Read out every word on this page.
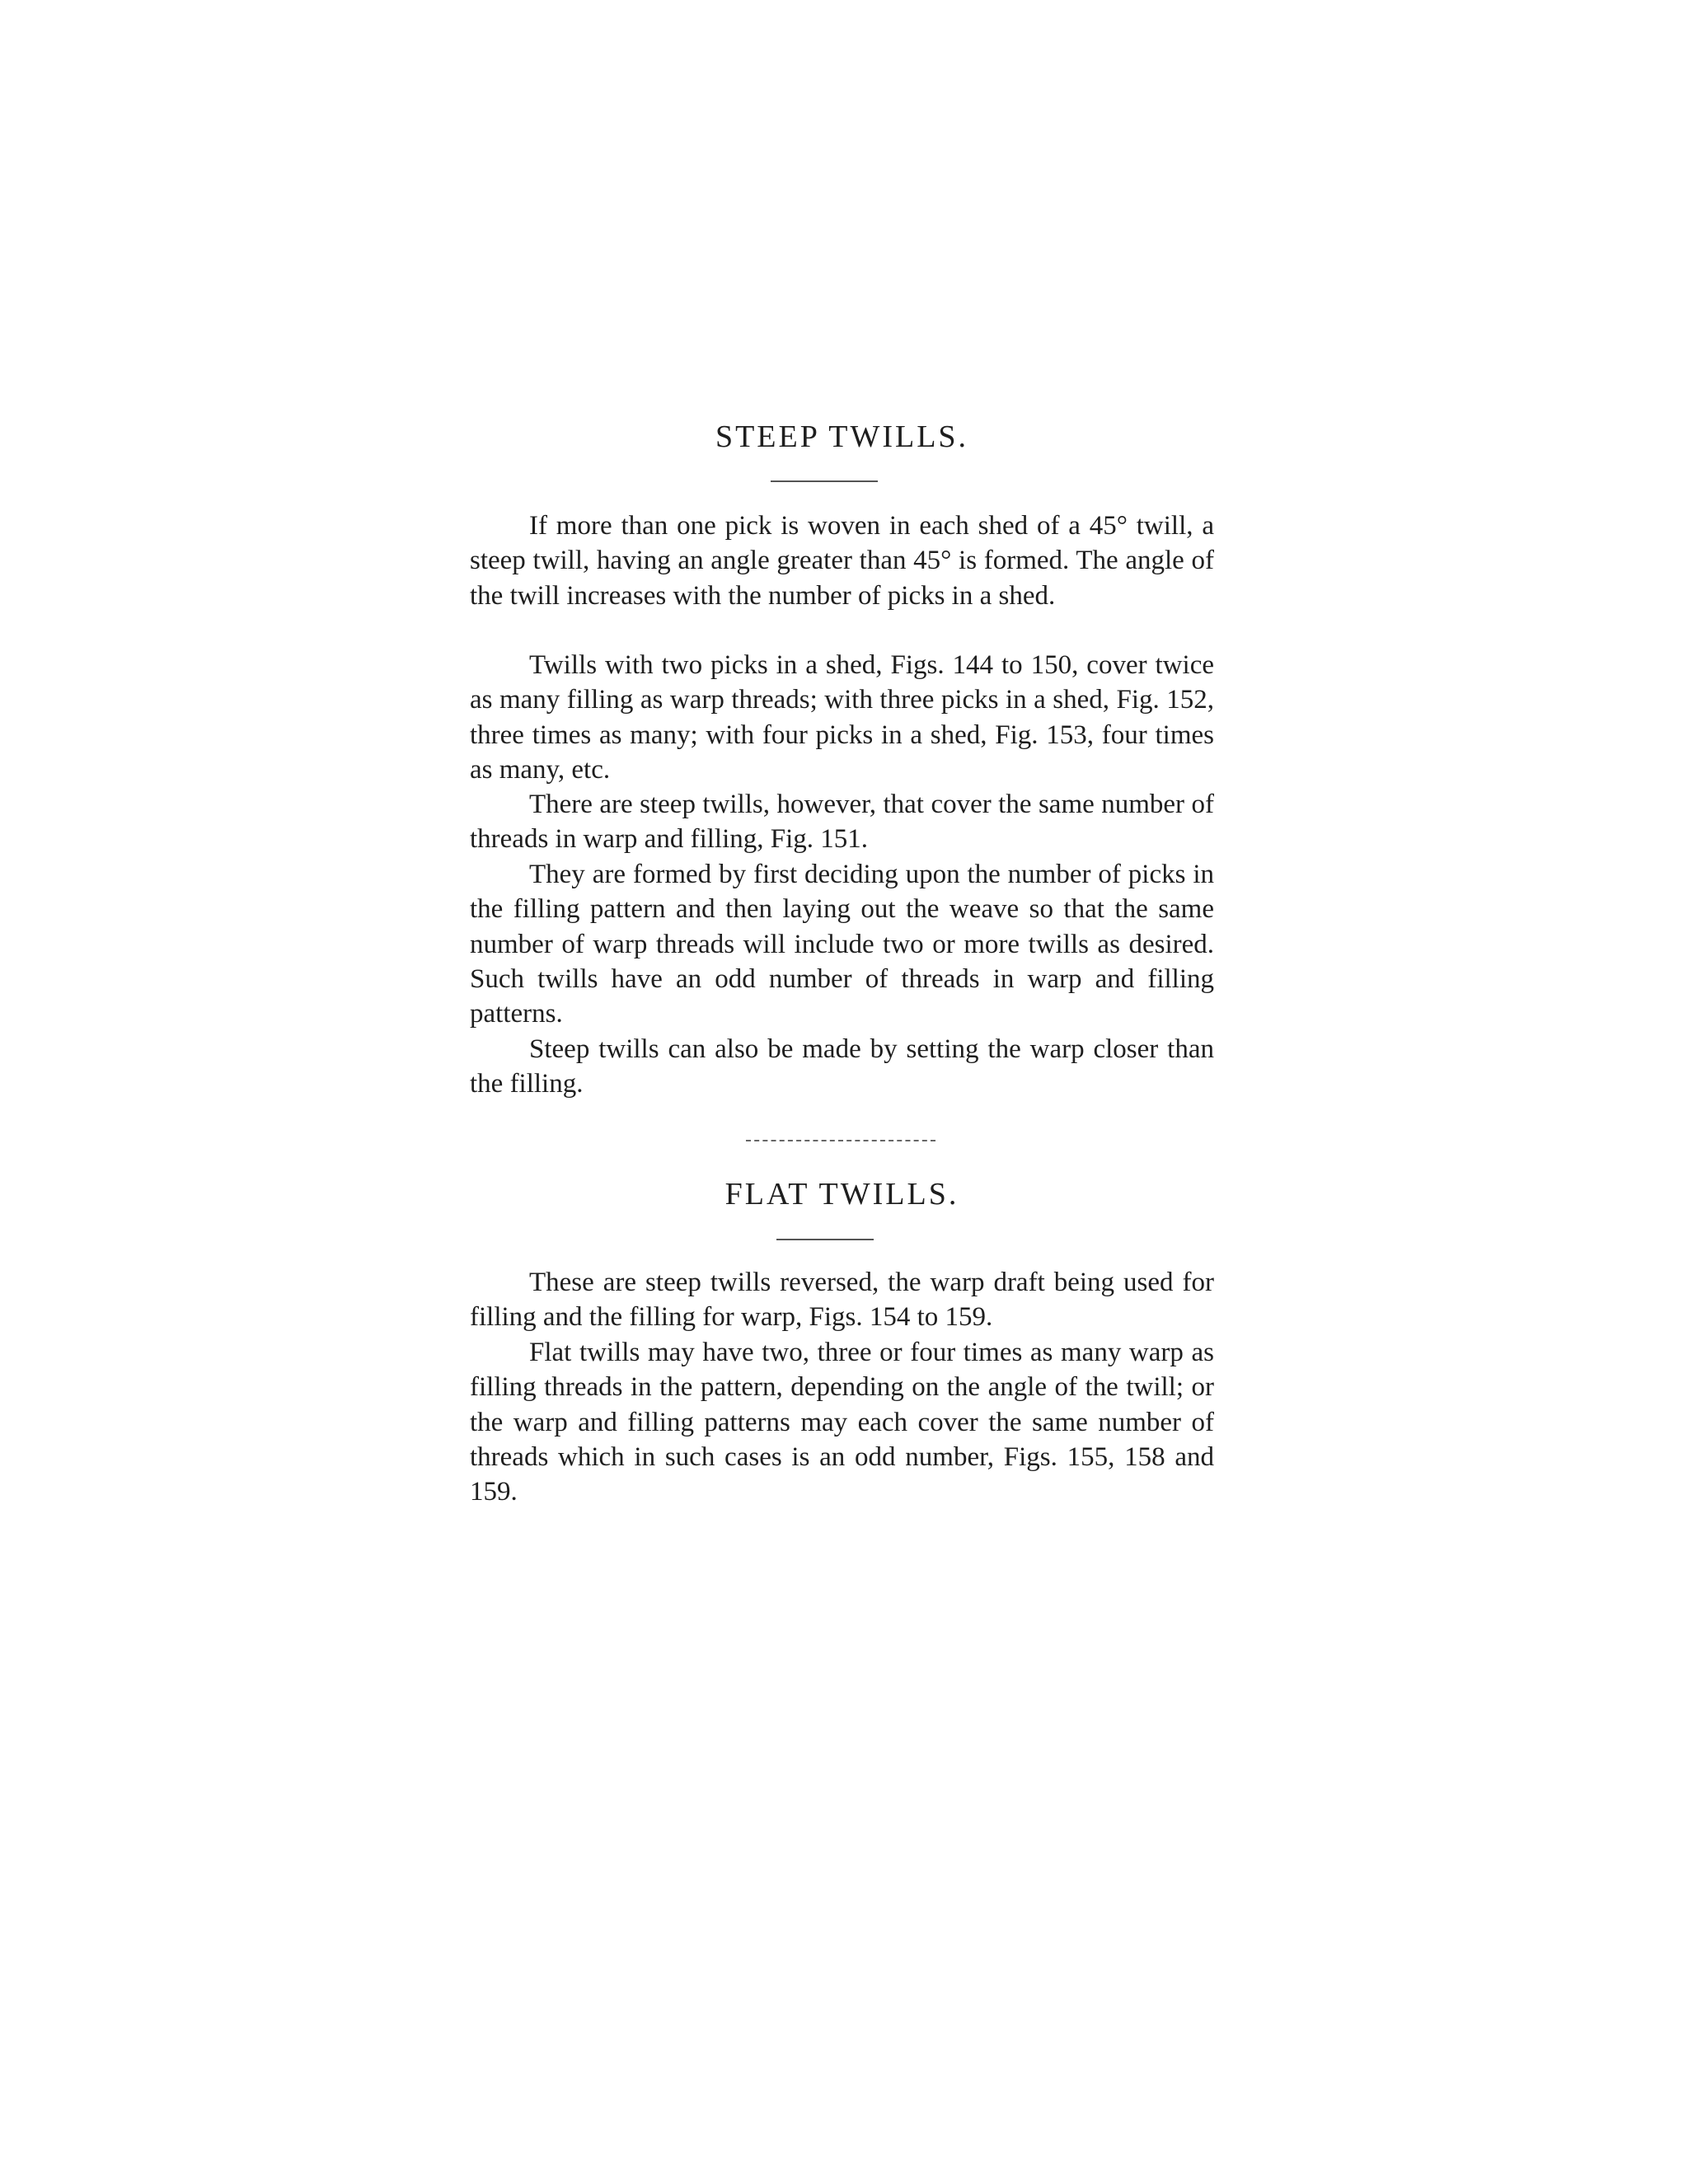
STEEP TWILLS.

If more than one pick is woven in each shed of a 45° twill, a steep twill, having an angle greater than 45° is formed. The angle of the twill increases with the number of picks in a shed.

Twills with two picks in a shed, Figs. 144 to 150, cover twice as many filling as warp threads; with three picks in a shed, Fig. 152, three times as many; with four picks in a shed, Fig. 153, four times as many, etc.

There are steep twills, however, that cover the same number of threads in warp and filling, Fig. 151.

They are formed by first deciding upon the number of picks in the filling pattern and then laying out the weave so that the same number of warp threads will include two or more twills as desired. Such twills have an odd number of threads in warp and filling patterns.

Steep twills can also be made by setting the warp closer than the filling.

FLAT TWILLS.

These are steep twills reversed, the warp draft being used for filling and the filling for warp, Figs. 154 to 159.

Flat twills may have two, three or four times as many warp as filling threads in the pattern, depending on the angle of the twill; or the warp and filling patterns may each cover the same number of threads which in such cases is an odd number, Figs. 155, 158 and 159.
